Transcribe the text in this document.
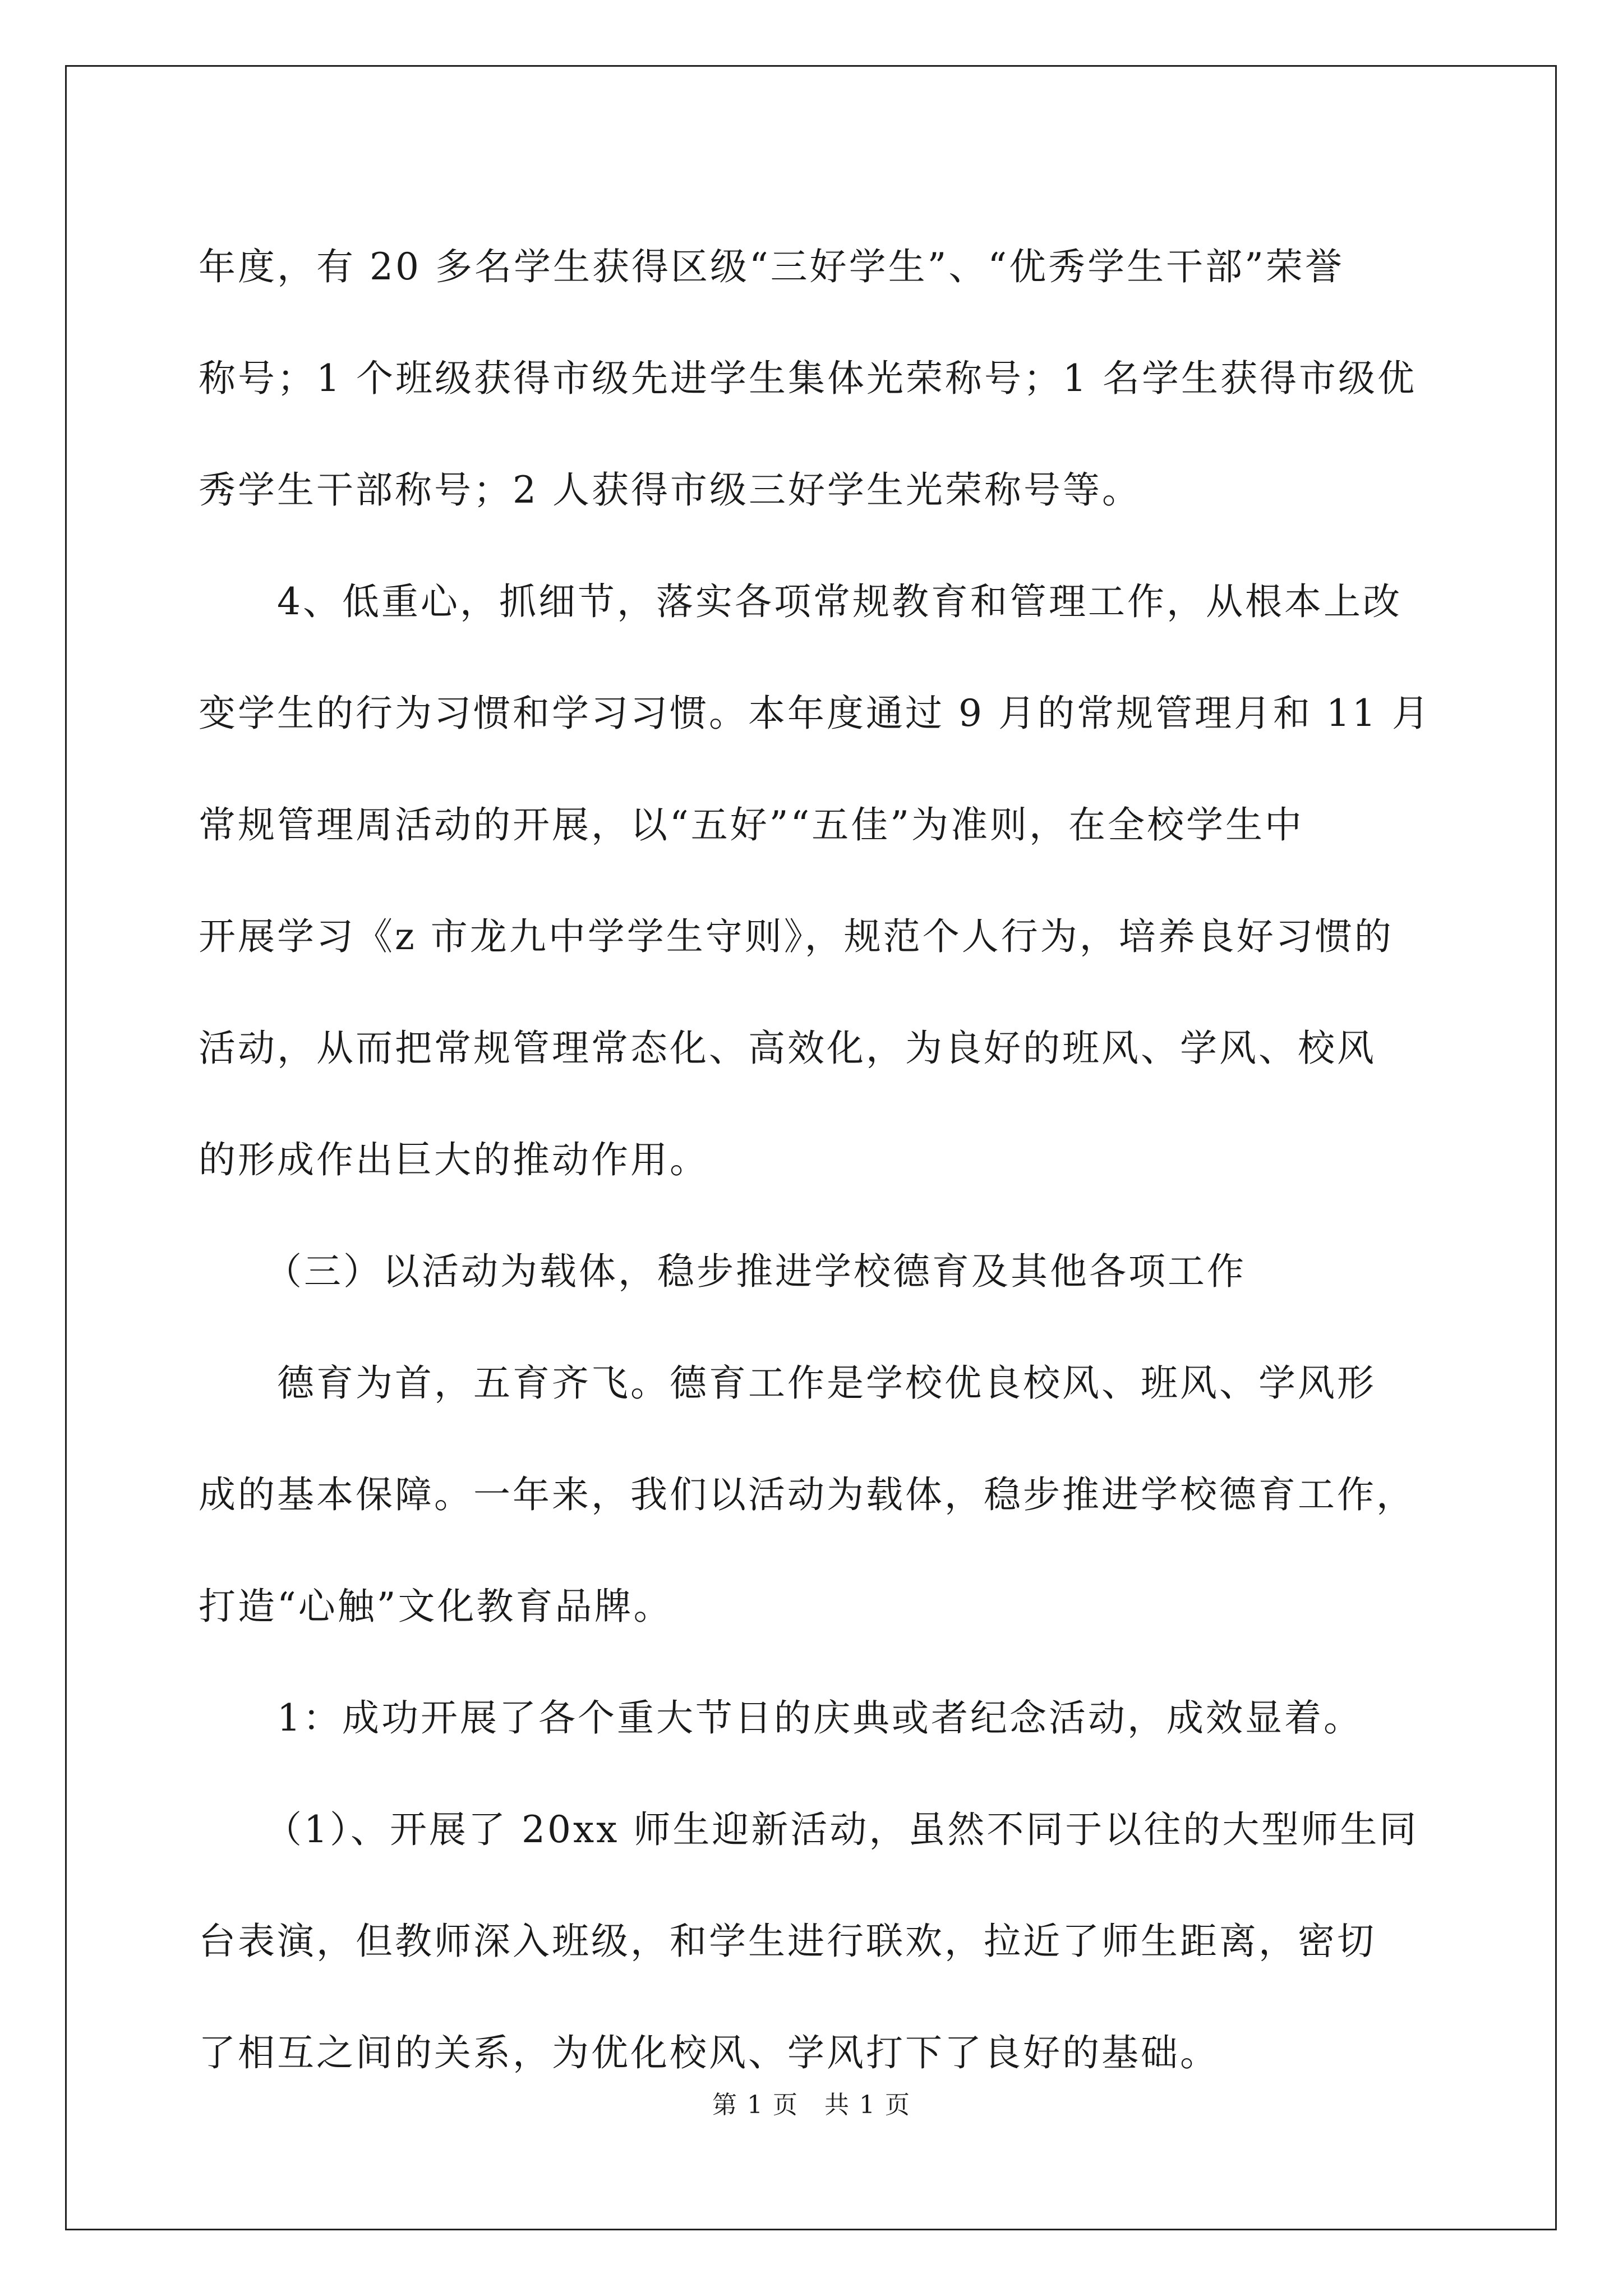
年度，有 20 多名学生获得区级“三好学生”、“优秀学生干部”荣誉
称号；1 个班级获得市级先进学生集体光荣称号；1 名学生获得市级优
秀学生干部称号；2 人获得市级三好学生光荣称号等。
4、低重心，抓细节，落实各项常规教育和管理工作，从根本上改
变学生的行为习惯和学习习惯。本年度通过 9 月的常规管理月和 11 月
常规管理周活动的开展，以“五好”“五佳”为准则，在全校学生中
开展学习《z 市龙九中学学生守则》，规范个人行为，培养良好习惯的
活动，从而把常规管理常态化、高效化，为良好的班风、学风、校风
的形成作出巨大的推动作用。
（三）以活动为载体，稳步推进学校德育及其他各项工作
德育为首，五育齐飞。德育工作是学校优良校风、班风、学风形
成的基本保障。一年来，我们以活动为载体，稳步推进学校德育工作，
打造“心触”文化教育品牌。
1：成功开展了各个重大节日的庆典或者纪念活动，成效显着。
（1）、开展了 20xx 师生迎新活动，虽然不同于以往的大型师生同
台表演，但教师深入班级，和学生进行联欢，拉近了师生距离，密切
了相互之间的关系，为优化校风、学风打下了良好的基础。
第 1 页　共 1 页
